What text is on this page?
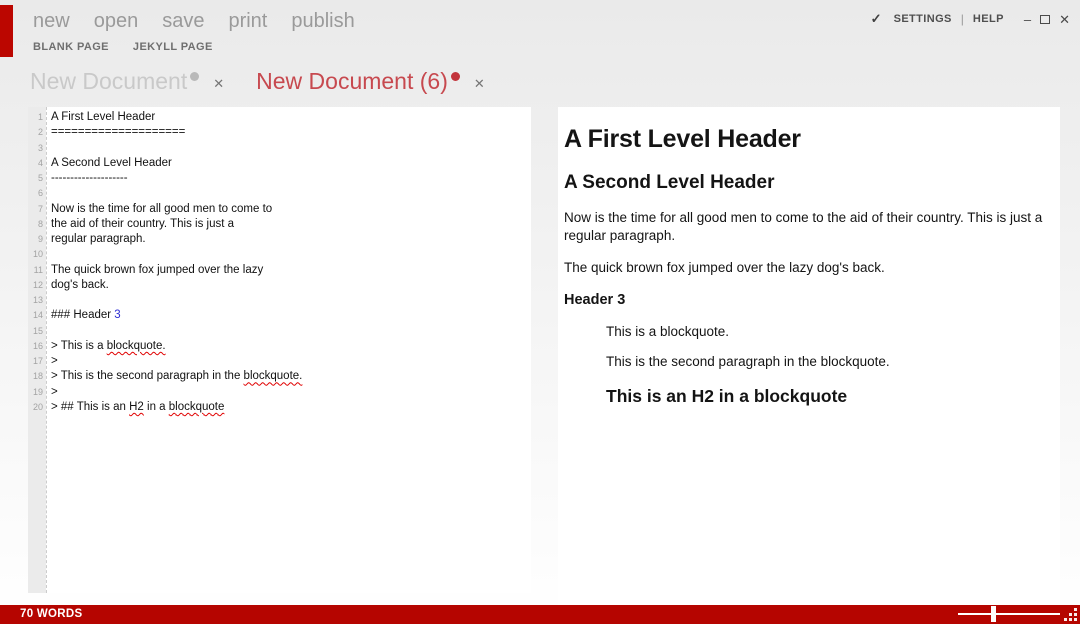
new open save print publish
BLANK PAGE JEKYLL PAGE
✓ SETTINGS | HELP – ✕
New Document ✕ New Document (6) ✕
1 A First Level Header
2 ====================
3
4 A Second Level Header
5 --------------------
6
7 Now is the time for all good men to come to
8 the aid of their country. This is just a
9 regular paragraph.
10
11 The quick brown fox jumped over the lazy
12 dog's back.
13
14 ### Header 3
15
16 > This is a blockquote.
17 >
18 > This is the second paragraph in the blockquote.
19 >
20 > ## This is an H2 in a blockquote
A First Level Header
A Second Level Header
Now is the time for all good men to come to the aid of their country. This is just a regular paragraph.
The quick brown fox jumped over the lazy dog's back.
Header 3
This is a blockquote.
This is the second paragraph in the blockquote.
This is an H2 in a blockquote
70 WORDS
